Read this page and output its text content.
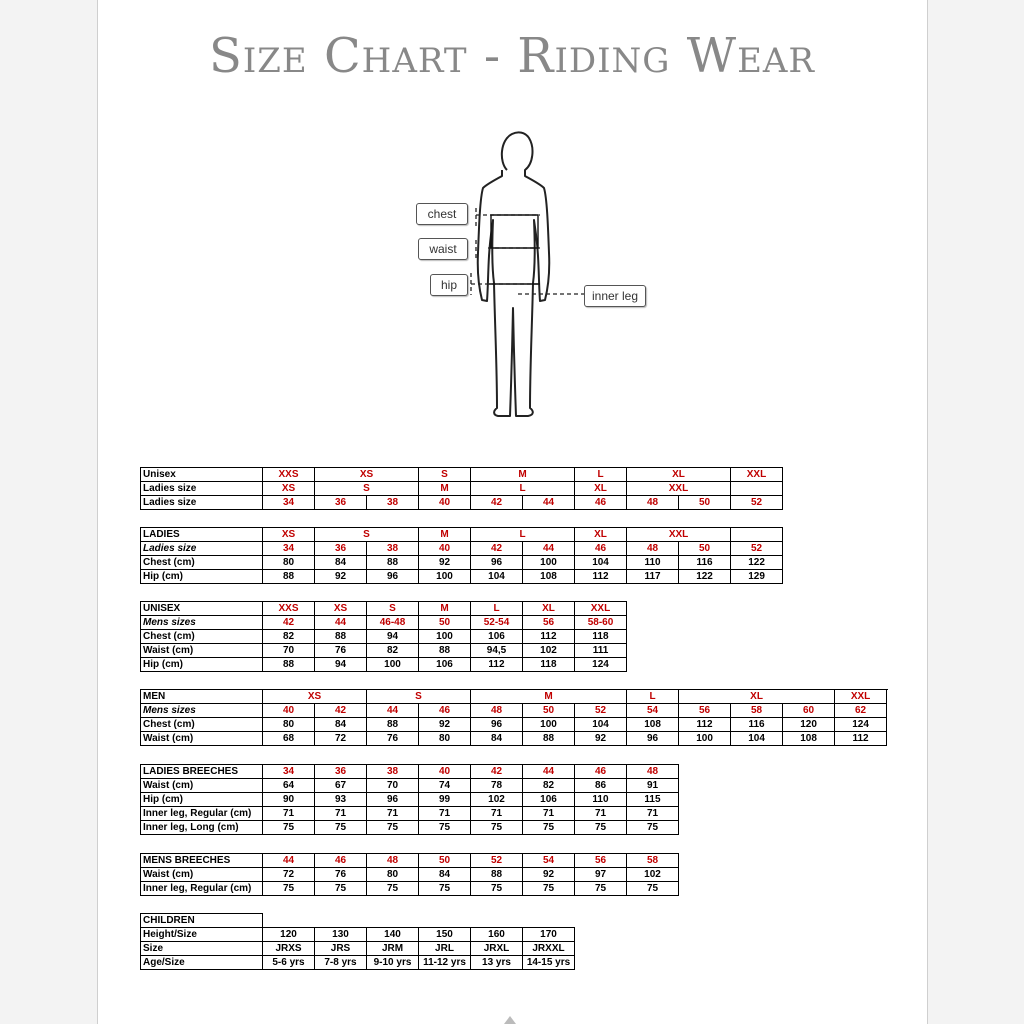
Size Chart - Riding Wear
chest
waist
hip
inner leg
Unisex	XXS	XS		S	M		L	XL		XXL
Ladies size	XS	S		M	L		XL	XXL		
Ladies size	34	36	38	40	42	44	46	48	50	52
LADIES	XS	S		M	L		XL	XXL		
Ladies size	34	36	38	40	42	44	46	48	50	52
Chest (cm)	80	84	88	92	96	100	104	110	116	122
Hip (cm)	88	92	96	100	104	108	112	117	122	129
UNISEX	XXS	XS	S	M	L	XL	XXL
Mens sizes	42	44	46-48	50	52-54	56	58-60
Chest (cm)	82	88	94	100	106	112	118
Waist (cm)	70	76	82	88	94,5	102	111
Hip (cm)	88	94	100	106	112	118	124
MEN	XS		S		M			L	XL			XXL
Mens sizes	40	42	44	46	48	50	52	54	56	58	60	62
Chest (cm)	80	84	88	92	96	100	104	108	112	116	120	124
Waist (cm)	68	72	76	80	84	88	92	96	100	104	108	112
LADIES BREECHES	34	36	38	40	42	44	46	48
Waist (cm)	64	67	70	74	78	82	86	91
Hip (cm)	90	93	96	99	102	106	110	115
Inner leg, Regular (cm)	71	71	71	71	71	71	71	71
Inner leg, Long (cm)	75	75	75	75	75	75	75	75
MENS BREECHES	44	46	48	50	52	54	56	58
Waist (cm)	72	76	80	84	88	92	97	102
Inner leg, Regular (cm)	75	75	75	75	75	75	75	75
CHILDREN						
Height/Size	120	130	140	150	160	170
Size	JRXS	JRS	JRM	JRL	JRXL	JRXXL
Age/Size	5-6 yrs	7-8 yrs	9-10 yrs	11-12 yrs	13 yrs	14-15 yrs
